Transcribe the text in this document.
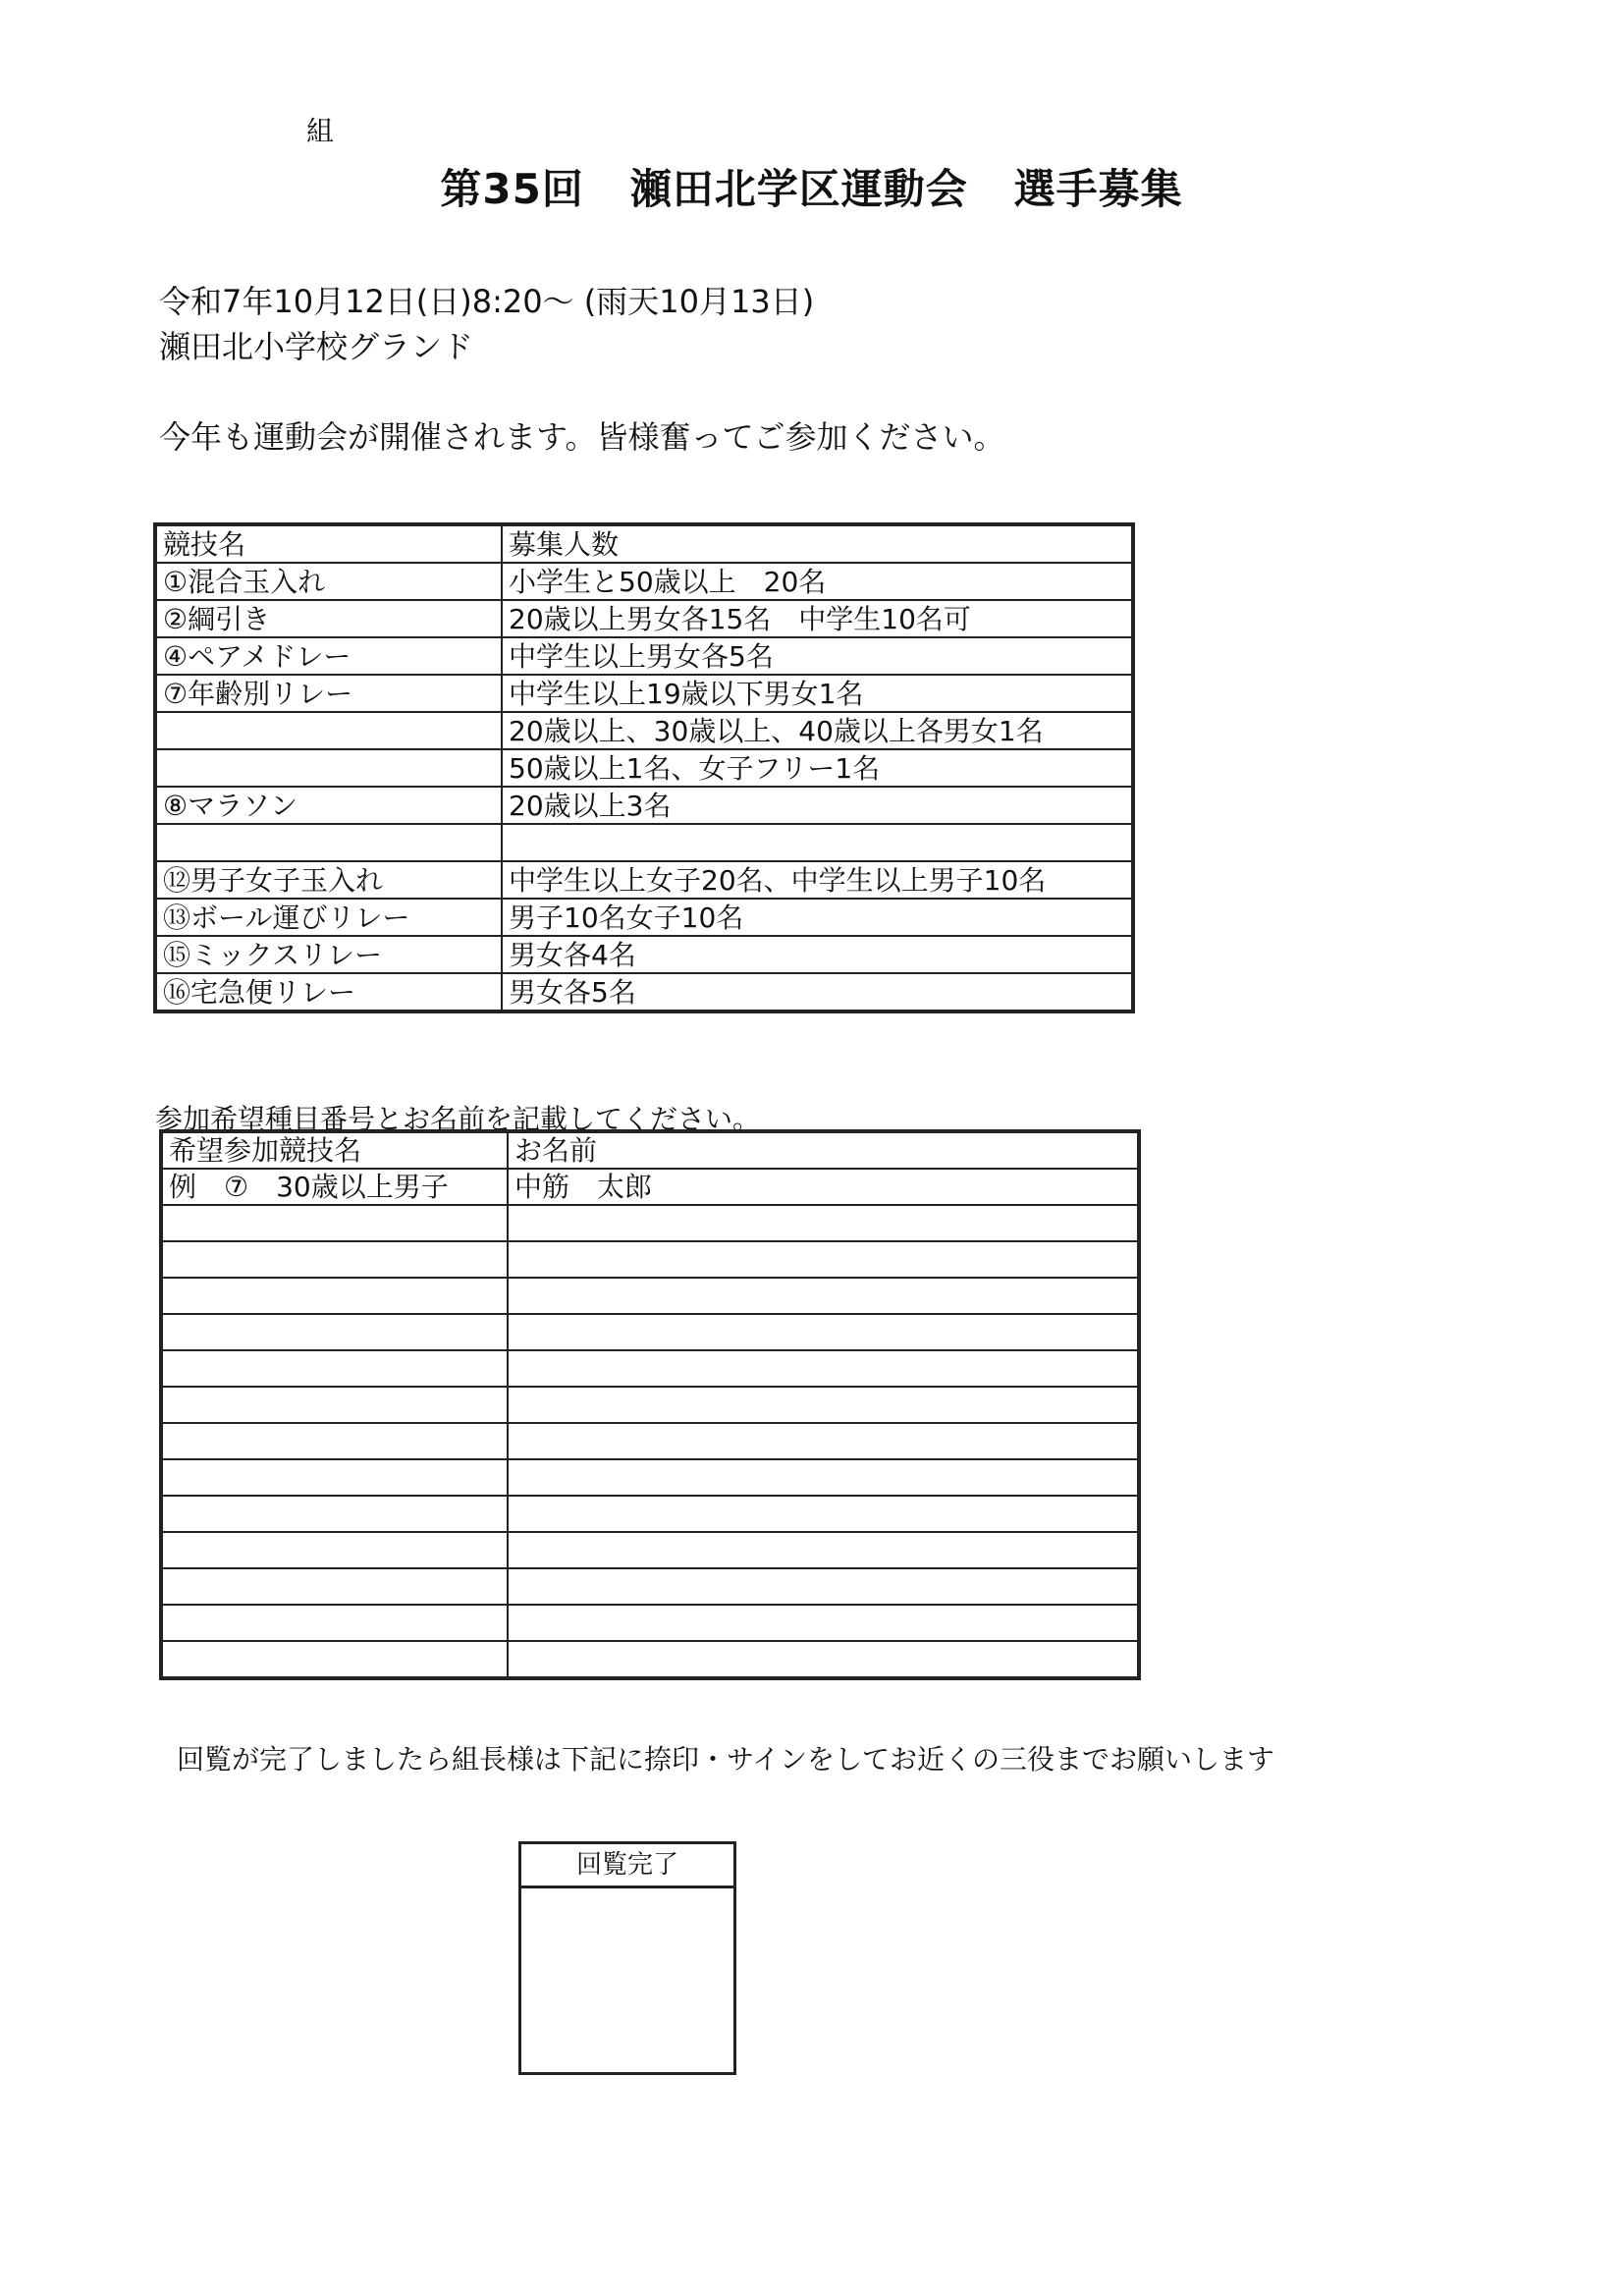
組
第35回 瀬田北学区運動会 選手募集
令和7年10月12日(日)8:20〜 (雨天10月13日)
瀬田北小学校グランド
今年も運動会が開催されます。皆様奮ってご参加ください。
競技名	募集人数
①混合玉入れ	小学生と50歳以上　20名
②綱引き	20歳以上男女各15名　中学生10名可
④ペアメドレー	中学生以上男女各5名
⑦年齢別リレー	中学生以上19歳以下男女1名
	20歳以上、30歳以上、40歳以上各男女1名
	50歳以上1名、女子フリー1名
⑧マラソン	20歳以上3名

⑫男子女子玉入れ	中学生以上女子20名、中学生以上男子10名
⑬ボール運びリレー	男子10名女子10名
⑮ミックスリレー	男女各4名
⑯宅急便リレー	男女各5名
参加希望種目番号とお名前を記載してください。
希望参加競技名	お名前
例　⑦　30歳以上男子	中筋　太郎

回覧が完了しましたら組長様は下記に捺印・サインをしてお近くの三役までお願いします
回覧完了
